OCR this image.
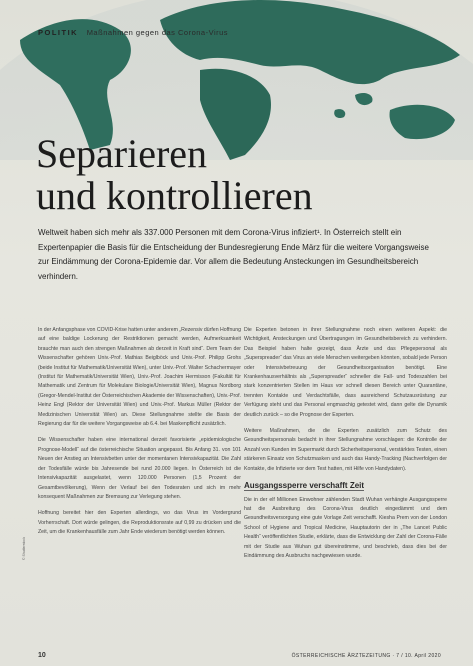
POLITIK Maßnahmen gegen das Corona-Virus
Separieren
und kontrollieren
Weltweit haben sich mehr als 337.000 Personen mit dem Corona-Virus infiziert¹. In Österreich stellt ein Expertenpapier die Basis für die Entscheidung der Bundesregierung Ende März für die weitere Vorgangsweise zur Eindämmung der Corona-Epidemie dar. Vor allem die Bedeutung Ansteckungen im Gesundheitsbereich verhindern.

In der Anfangsphase von COVID-Krise hatten unter anderem „Rezensiv dürfen Hoffnung auf eine baldige Lockerung der Restriktionen gemacht werden, Aufmerksamkeit brauchte man auch den strengen Maßnahmen ab derzeit in Kraft sind“. Dem Team der Wissenschafter gehören Univ.-Prof. Mathias Beiglböck und Univ.-Prof. Philipp Grohs (beide Institut für Mathematik/Universität Wien), unter Univ.-Prof. Walter Schachermayer (Institut für Mathematik/Universität Wien), Univ.-Prof. Joachim Hermisson (Fakultät für Mathematik und Zentrum für Molekulare Biologie/Universität Wien), Magnus Nordborg (Gregor-Mendel-Institut der Österreichischen Akademie der Wissenschaften), Univ.-Prof. Heinz Engl (Rektor der Universität Wien) und Univ.-Prof. Markus Müller (Rektor der Medizinischen Universität Wien) an. Diese Stellungnahme stellte die Basis der Regierung dar für die weitere Vorgangsweise ab 6.4. bei Maskenpflicht zusätzlich.

Die Wissenschafter haben eine international derzeit favorisierte „epidemiologische Prognose-Modell“ auf die österreichische Situation angepasst. Bis Anfang 31. von 101 Neuen der Anstieg an Intensivbetten unter der momentanen Intensivkapazität. Die Zahl der Todesfälle würde bis Jahresende bei rund 20.000 liegen. In Österreich ist die Intensivkapazität ausgelastet, wenn 120.000 Personen (1,5 Prozent der Gesamtbevölkerung), Wenn der Verlauf bei den Todesraten und sich im mehr konsequent Maßnahmen zur Bremsung zur Verlegung stehen.

Hoffnung bereitet hier den Experten allerdings, wo das Virus im Vordergrund Vorherrschaft. Dort würde gelingen, die Reproduktionsrate auf 0,99 zu drücken und die Zeit, um die Krankenhausfälle zum Jahr Ende wiederum benötigt werden können.

Die Experten betonen in ihrer Stellungnahme noch einen weiteren Aspekt: die Wichtigkeit, Ansteckungen und Übertragungen im Gesundheitsbereich zu verhindern. Das Beispiel haben halte gezeigt, dass Ärzte und das Pflegepersonal als „Superspreader“ das Virus an viele Menschen weitergeben könnten, sobald jede Person oder Intensivbetreuung der Gesundheitsorganisation benötigt. Eine Krankenhausverhältnis als „Superspreader“ schneller die Fall- und Todeszahlen bei stark konzentrierten Stellen im Haus vor schnell diesen Bereich unter Quarantäne, trennten Kontakte und Verdachtsfälle, dass ausreichend Schutzausrüstung zur Verfügung steht und das Personal engmaschig getestet wird, dann gelte die Dynamik deutlich zurück – so die Prognose der Experten.

Weitere Maßnahmen, die die Experten zusätzlich zum Schutz des Gesundheitspersonals bedacht in ihrer Stellungnahme vorschlagen: die Kontrolle der Anzahl von Kunden im Supermarkt durch Sicherheitspersonal, verstärktes Testen, einen stärkeren Einsatz von Schutzmasken und auch das Handy-Tracking (Nachverfolgen der Kontakte, die Infizierte vor dem Test hatten, mit Hilfe von Handydaten).

Ausgangssperre verschafft Zeit

Die in der elf Millionen Einwohner zählenden Stadt Wuhan verhängte Ausgangssperre hat die Ausbreitung des Corona-Virus deutlich eingedämmt und dem Gesundheitsversorgung eine gute Vorlage Zeit verschafft. Kiesha Prem von der London School of Hygiene and Tropical Medicine, Hauptautorin der in „The Lancet Public Health“ veröffentlichten Studie, erklärte, dass die Entwicklung der Zahl der Corona-Fälle mit der Studie aus Wuhan gut übereinstimme, und beschrieb, dass dies bei der Eindämmung des Ausbruchs nachgewiesen wurde.

© Shutterstock
10	ÖSTERREICHISCHE ÄRZTEZEITUNG · 7 / 10. April 2020
